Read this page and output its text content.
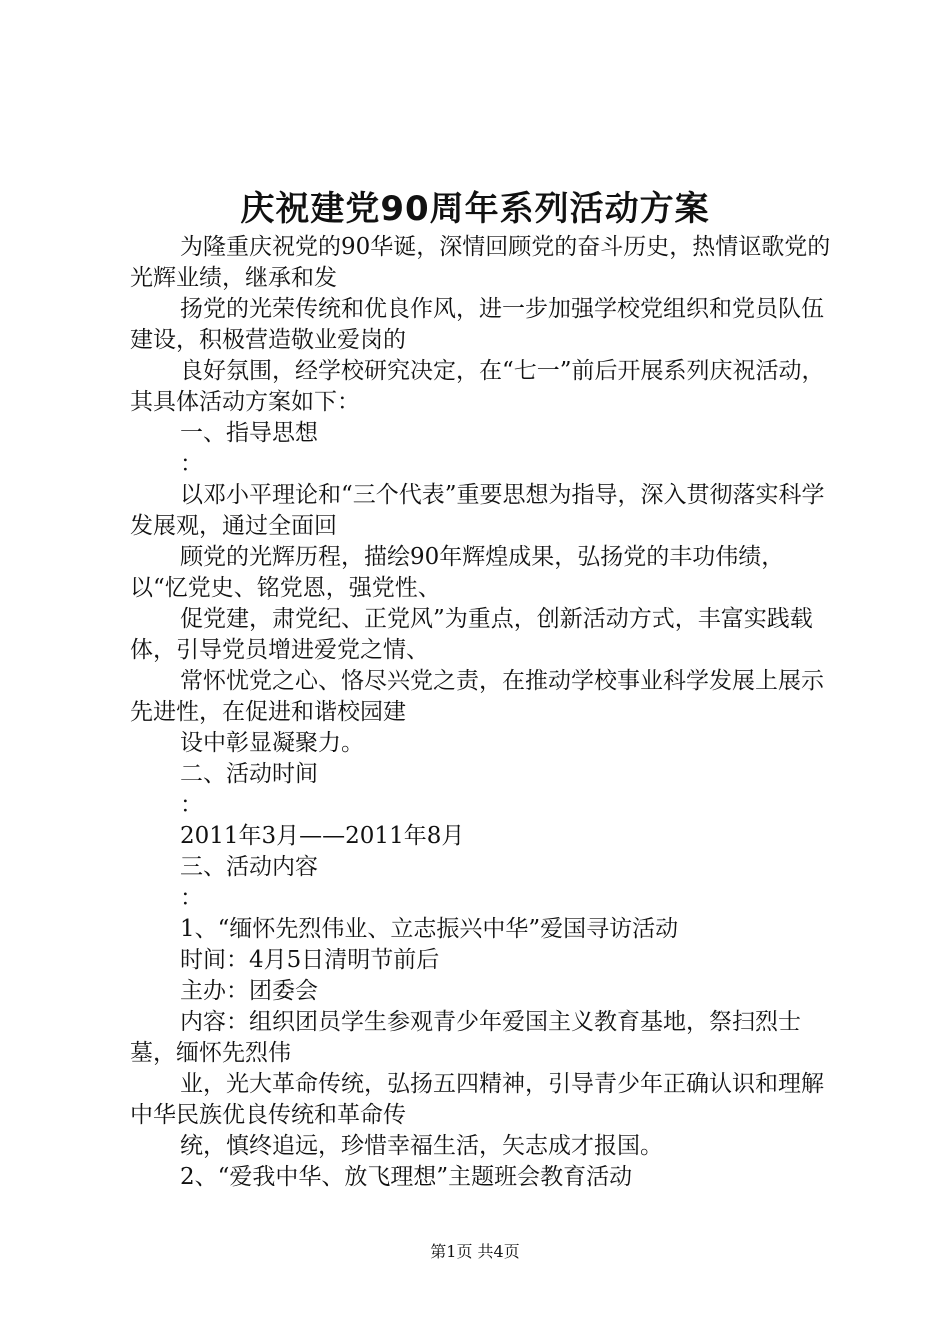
庆祝建党90周年系列活动方案

为隆重庆祝党的90华诞，深情回顾党的奋斗历史，热情讴歌党的光辉业绩，继承和发

扬党的光荣传统和优良作风，进一步加强学校党组织和党员队伍建设，积极营造敬业爱岗的

良好氛围，经学校研究决定，在“七一”前后开展系列庆祝活动，其具体活动方案如下：

一、指导思想

：

以邓小平理论和“三个代表”重要思想为指导，深入贯彻落实科学发展观，通过全面回

顾党的光辉历程，描绘90年辉煌成果，弘扬党的丰功伟绩，以“忆党史、铭党恩，强党性、

促党建，肃党纪、正党风”为重点，创新活动方式，丰富实践载体，引导党员增进爱党之情、

常怀忧党之心、恪尽兴党之责，在推动学校事业科学发展上展示先进性，在促进和谐校园建

设中彰显凝聚力。

二、活动时间

：

2011年3月——2011年8月

三、活动内容

：

1、“缅怀先烈伟业、立志振兴中华”爱国寻访活动

时间：4月5日清明节前后

主办：团委会

内容：组织团员学生参观青少年爱国主义教育基地，祭扫烈士墓，缅怀先烈伟

业，光大革命传统，弘扬五四精神，引导青少年正确认识和理解中华民族优良传统和革命传

统，慎终追远，珍惜幸福生活，矢志成才报国。

2、“爱我中华、放飞理想”主题班会教育活动

第1页 共4页
